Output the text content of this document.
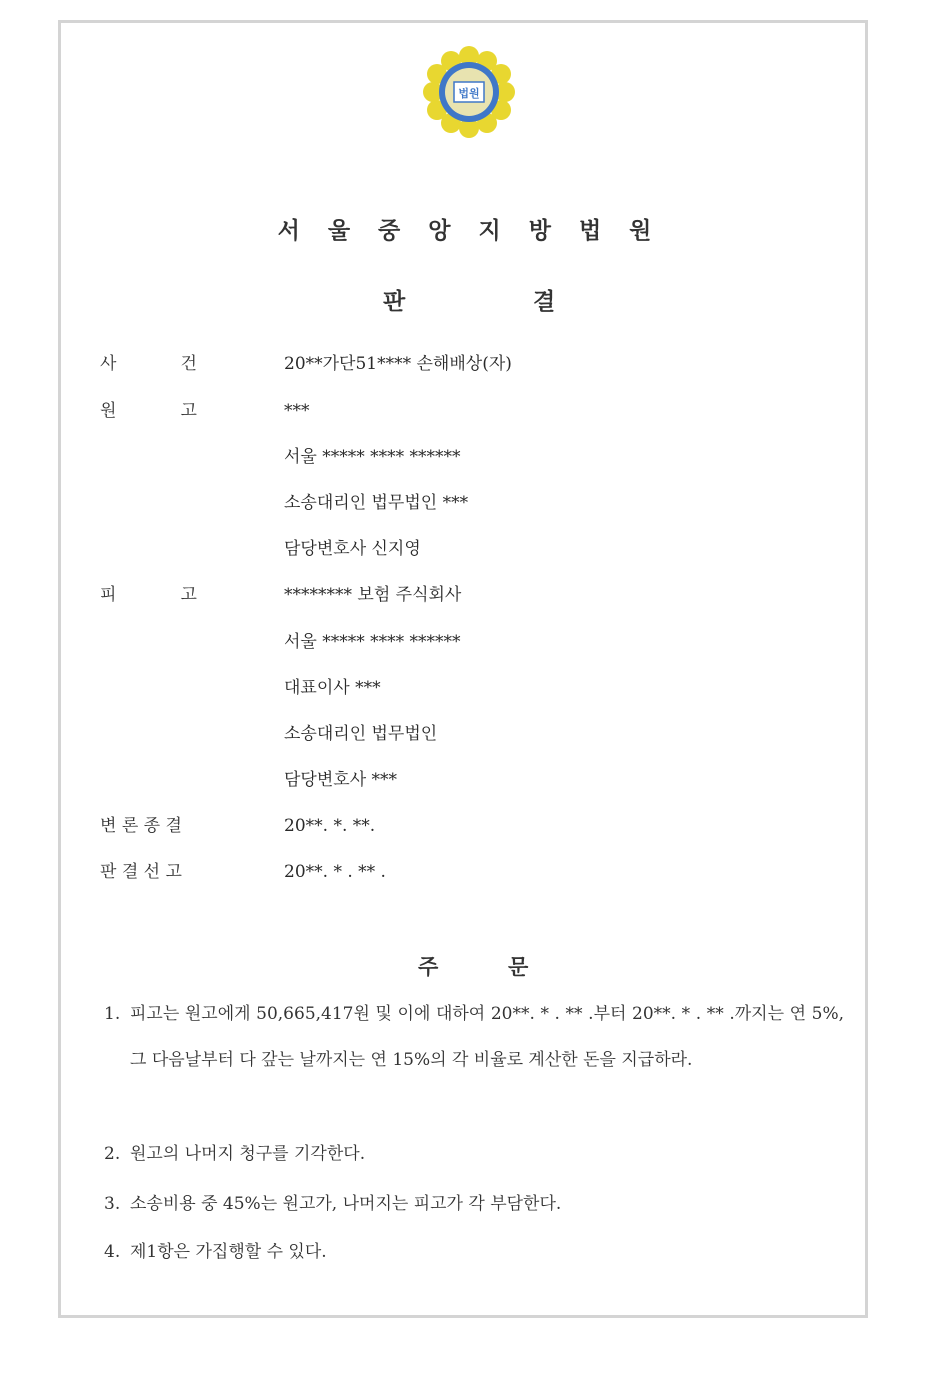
법원
서 울 중 앙 지 방 법 원
판	결
사	건	20**가단51**** 손해배상(자)
원	고	***
서울 ***** **** ******
소송대리인 법무법인 ***
담당변호사 신지영
피	고	******** 보험 주식회사
서울 ***** **** ******
대표이사 ***
소송대리인 법무법인
담당변호사 ***
변 론 종 결	20**. *. **.
판 결 선 고	20**. * . ** .
주	문
1. 피고는 원고에게 50,665,417원 및 이에 대하여 20**. * . ** .부터 20**. * . ** .까지는 연 5%, 그 다음날부터 다 갚는 날까지는 연 15%의 각 비율로 계산한 돈을 지급하라.
2. 원고의 나머지 청구를 기각한다.
3. 소송비용 중 45%는 원고가, 나머지는 피고가 각 부담한다.
4. 제1항은 가집행할 수 있다.
